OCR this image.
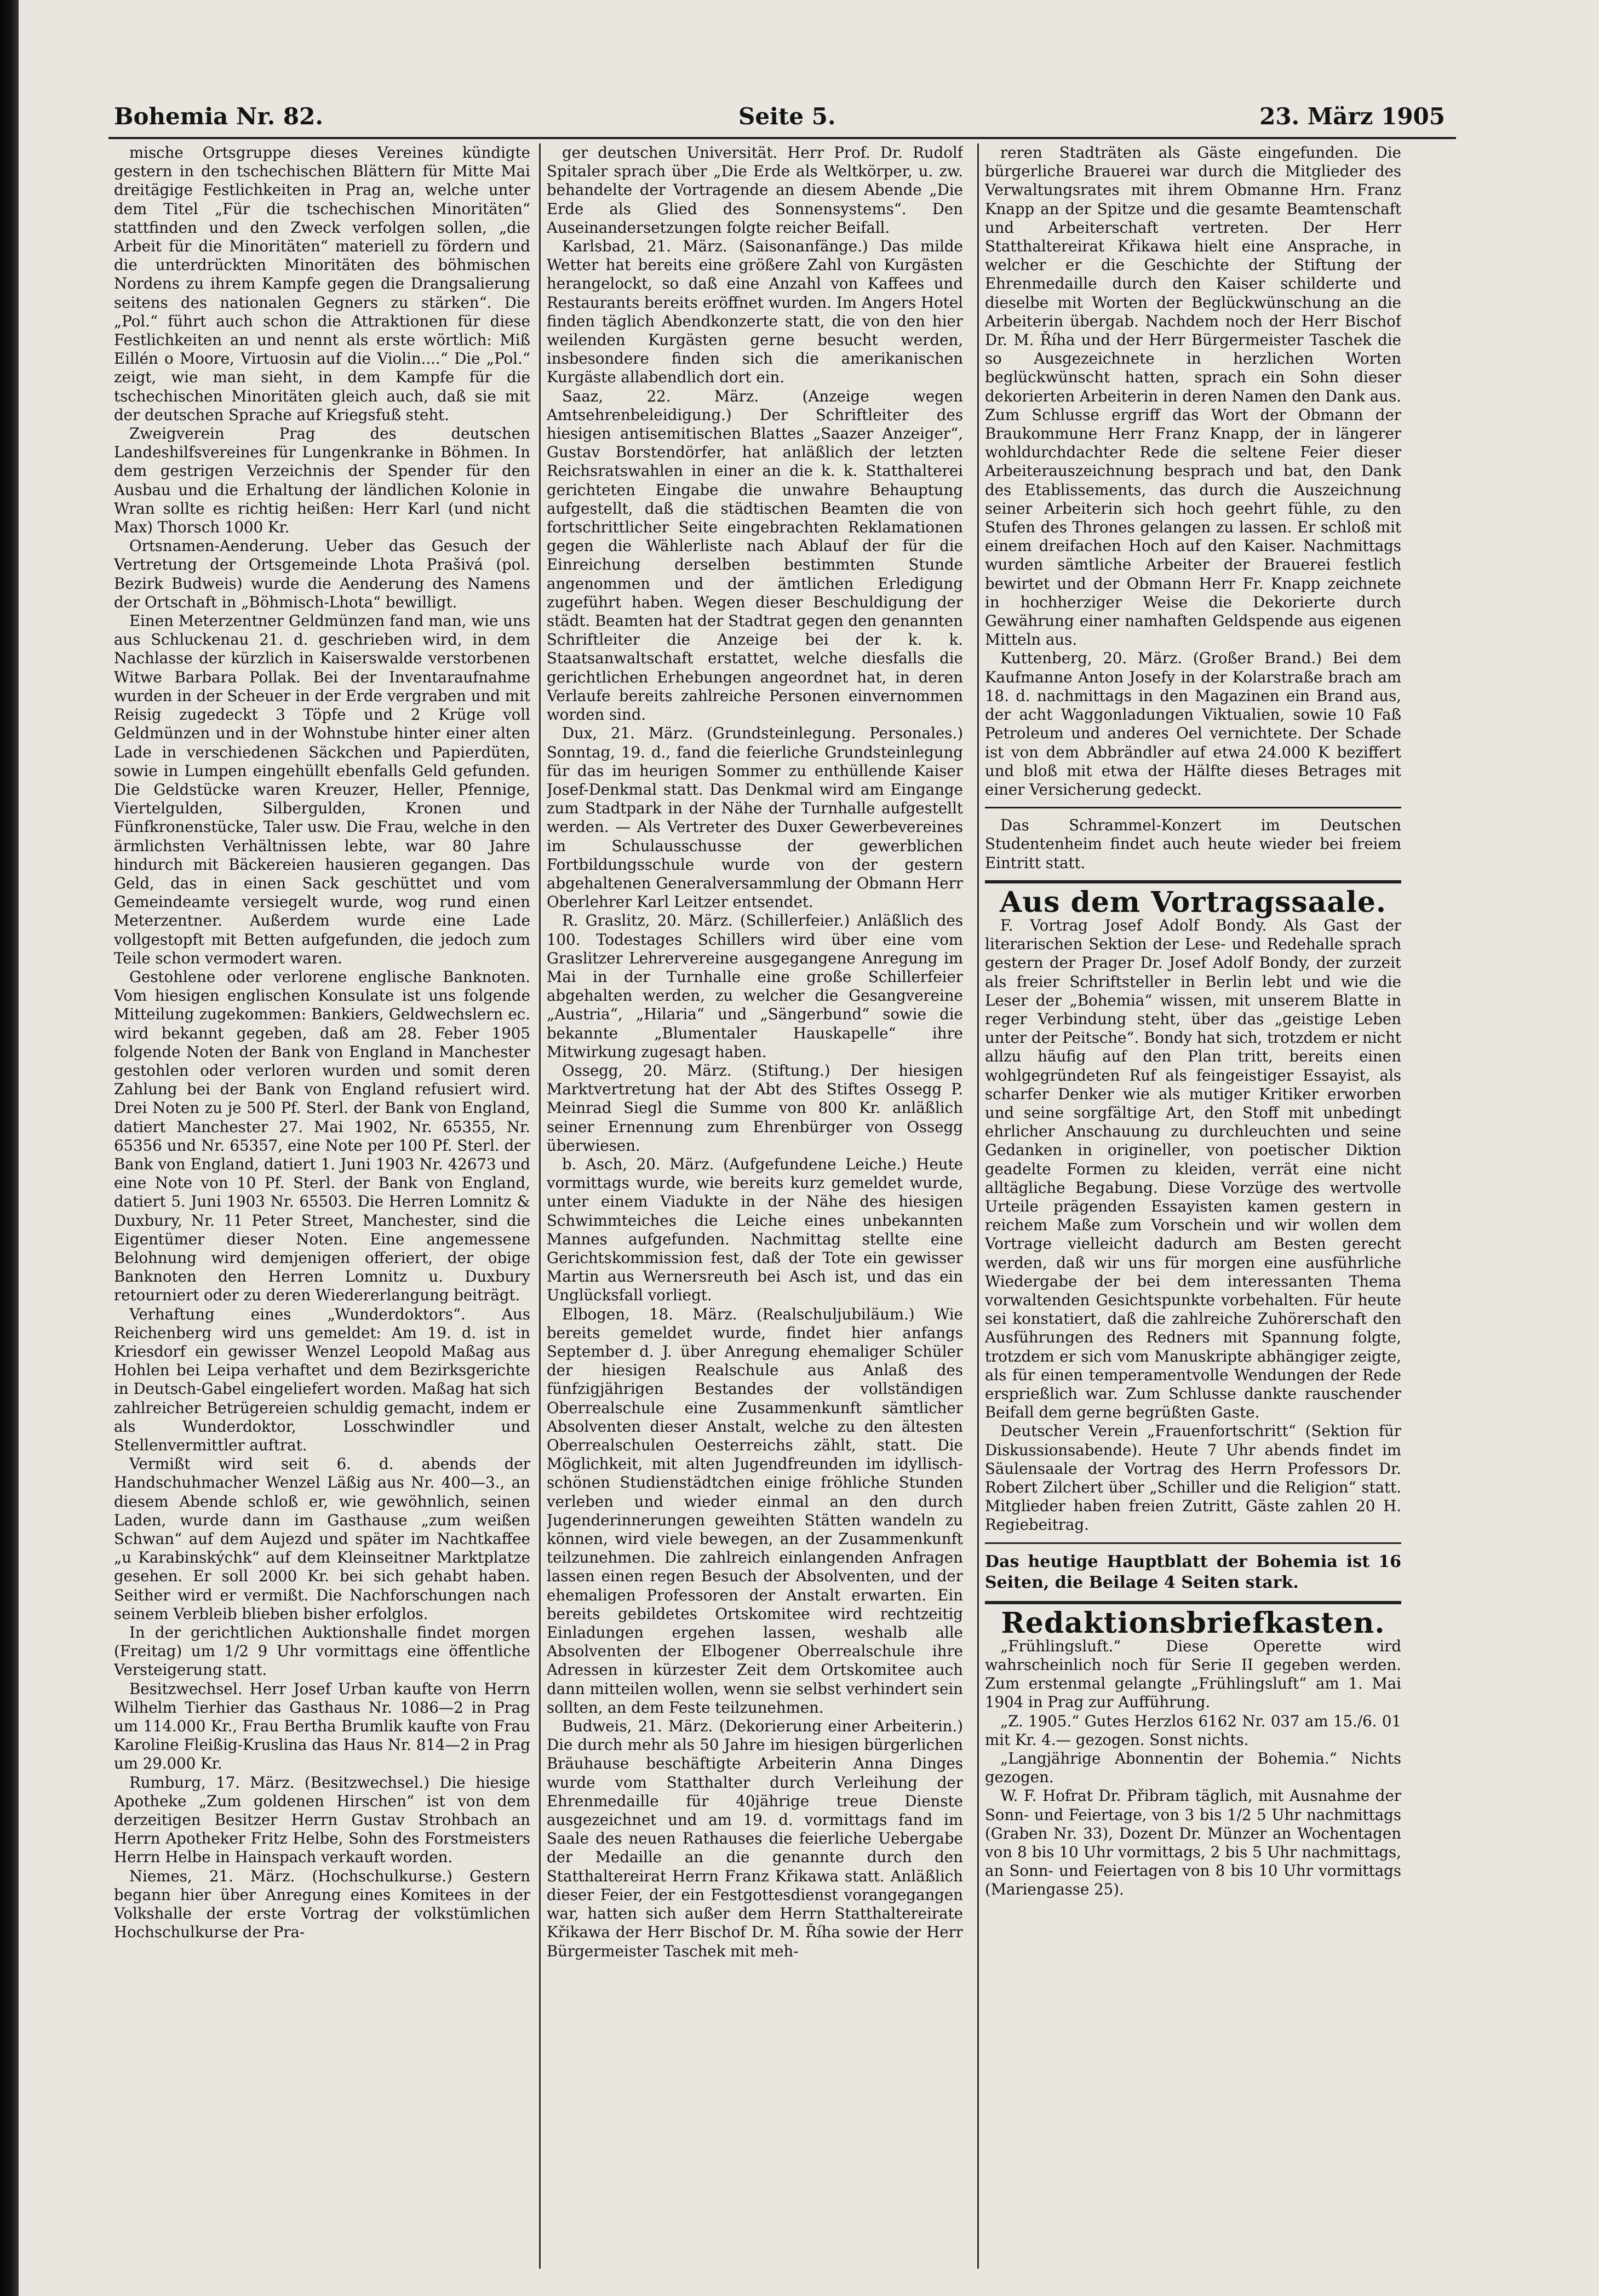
Bohemia Nr. 82.	Seite 5.	23. März 1905

mische Ortsgruppe dieses Vereines kündigte gestern in den tschechischen Blättern für Mitte Mai dreitägige Festlichkeiten in Prag an, welche unter dem Titel „Für die tschechischen Minoritäten“ stattfinden und den Zweck verfolgen sollen, „die Arbeit für die Minoritäten“ materiell zu fördern und die unterdrückten Minoritäten des böhmischen Nordens zu ihrem Kampfe gegen die Drangsalierung seitens des nationalen Gegners zu stärken“. Die „Pol.“ führt auch schon die Attraktionen für diese Festlichkeiten an und nennt als erste wörtlich: Miß Eillén o Moore, Virtuosin auf die Violin....“ Die „Pol.“ zeigt, wie man sieht, in dem Kampfe für die tschechischen Minoritäten gleich auch, daß sie mit der deutschen Sprache auf Kriegsfuß steht.

Zweigverein Prag des deutschen Landeshilfsvereines für Lungenkranke in Böhmen. In dem gestrigen Verzeichnis der Spender für den Ausbau und die Erhaltung der ländlichen Kolonie in Wran sollte es richtig heißen: Herr Karl (und nicht Max) Thorsch 1000 Kr.

Ortsnamen-Aenderung. Ueber das Gesuch der Vertretung der Ortsgemeinde Lhota Prašivá (pol. Bezirk Budweis) wurde die Aenderung des Namens der Ortschaft in „Böhmisch-Lhota“ bewilligt.

Einen Meterzentner Geldmünzen fand man, wie uns aus Schluckenau 21. d. geschrieben wird, in dem Nachlasse der kürzlich in Kaiserswalde verstorbenen Witwe Barbara Pollak. Bei der Inventaraufnahme wurden in der Scheuer in der Erde vergraben und mit Reisig zugedeckt 3 Töpfe und 2 Krüge voll Geldmünzen und in der Wohnstube hinter einer alten Lade in verschiedenen Säckchen und Papierdüten, sowie in Lumpen eingehüllt ebenfalls Geld gefunden. Die Geldstücke waren Kreuzer, Heller, Pfennige, Viertelgulden, Silbergulden, Kronen und Fünfkronenstücke, Taler usw. Die Frau, welche in den ärmlichsten Verhältnissen lebte, war 80 Jahre hindurch mit Bäckereien hausieren gegangen. Das Geld, das in einen Sack geschüttet und vom Gemeindeamte versiegelt wurde, wog rund einen Meterzentner. Außerdem wurde eine Lade vollgestopft mit Betten aufgefunden, die jedoch zum Teile schon vermodert waren.

Gestohlene oder verlorene englische Banknoten. Vom hiesigen englischen Konsulate ist uns folgende Mitteilung zugekommen: Bankiers, Geldwechslern ec. wird bekannt gegeben, daß am 28. Feber 1905 folgende Noten der Bank von England in Manchester gestohlen oder verloren wurden und somit deren Zahlung bei der Bank von England refusiert wird. Drei Noten zu je 500 Pf. Sterl. der Bank von England, datiert Manchester 27. Mai 1902, Nr. 65355, Nr. 65356 und Nr. 65357, eine Note per 100 Pf. Sterl. der Bank von England, datiert 1. Juni 1903 Nr. 42673 und eine Note von 10 Pf. Sterl. der Bank von England, datiert 5. Juni 1903 Nr. 65503. Die Herren Lomnitz & Duxbury, Nr. 11 Peter Street, Manchester, sind die Eigentümer dieser Noten. Eine angemessene Belohnung wird demjenigen offeriert, der obige Banknoten den Herren Lomnitz u. Duxbury retourniert oder zu deren Wiedererlangung beiträgt.

Verhaftung eines „Wunderdoktors“. Aus Reichenberg wird uns gemeldet: Am 19. d. ist in Kriesdorf ein gewisser Wenzel Leopold Maßag aus Hohlen bei Leipa verhaftet und dem Bezirksgerichte in Deutsch-Gabel eingeliefert worden. Maßag hat sich zahlreicher Betrügereien schuldig gemacht, indem er als Wunderdoktor, Losschwindler und Stellenvermittler auftrat.

Vermißt wird seit 6. d. abends der Handschuhmacher Wenzel Läßig aus Nr. 400—3., an diesem Abende schloß er, wie gewöhnlich, seinen Laden, wurde dann im Gasthause „zum weißen Schwan“ auf dem Aujezd und später im Nachtkaffee „u Karabinskýchk“ auf dem Kleinseitner Marktplatze gesehen. Er soll 2000 Kr. bei sich gehabt haben. Seither wird er vermißt. Die Nachforschungen nach seinem Verbleib blieben bisher erfolglos.

In der gerichtlichen Auktionshalle findet morgen (Freitag) um 1/2 9 Uhr vormittags eine öffentliche Versteigerung statt.

Besitzwechsel. Herr Josef Urban kaufte von Herrn Wilhelm Tierhier das Gasthaus Nr. 1086—2 in Prag um 114.000 Kr., Frau Bertha Brumlik kaufte von Frau Karoline Fleißig-Kruslina das Haus Nr. 814—2 in Prag um 29.000 Kr.

Rumburg, 17. März. (Besitzwechsel.) Die hiesige Apotheke „Zum goldenen Hirschen“ ist von dem derzeitigen Besitzer Herrn Gustav Strohbach an Herrn Apotheker Fritz Helbe, Sohn des Forstmeisters Herrn Helbe in Hainspach verkauft worden.

Niemes, 21. März. (Hochschulkurse.) Gestern begann hier über Anregung eines Komitees in der Volkshalle der erste Vortrag der volkstümlichen Hochschulkurse der Pra-

ger deutschen Universität. Herr Prof. Dr. Rudolf Spitaler sprach über „Die Erde als Weltkörper, u. zw. behandelte der Vortragende an diesem Abende „Die Erde als Glied des Sonnensystems“. Den Auseinandersetzungen folgte reicher Beifall.

Karlsbad, 21. März. (Saisonanfänge.) Das milde Wetter hat bereits eine größere Zahl von Kurgästen herangelockt, so daß eine Anzahl von Kaffees und Restaurants bereits eröffnet wurden. Im Angers Hotel finden täglich Abendkonzerte statt, die von den hier weilenden Kurgästen gerne besucht werden, insbesondere finden sich die amerikanischen Kurgäste allabendlich dort ein.

Saaz, 22. März. (Anzeige wegen Amtsehrenbeleidigung.) Der Schriftleiter des hiesigen antisemitischen Blattes „Saazer Anzeiger“, Gustav Borstendörfer, hat anläßlich der letzten Reichsratswahlen in einer an die k. k. Statthalterei gerichteten Eingabe die unwahre Behauptung aufgestellt, daß die städtischen Beamten die von fortschrittlicher Seite eingebrachten Reklamationen gegen die Wählerliste nach Ablauf der für die Einreichung derselben bestimmten Stunde angenommen und der ämtlichen Erledigung zugeführt haben. Wegen dieser Beschuldigung der städt. Beamten hat der Stadtrat gegen den genannten Schriftleiter die Anzeige bei der k. k. Staatsanwaltschaft erstattet, welche diesfalls die gerichtlichen Erhebungen angeordnet hat, in deren Verlaufe bereits zahlreiche Personen einvernommen worden sind.

Dux, 21. März. (Grundsteinlegung. Personales.) Sonntag, 19. d., fand die feierliche Grundsteinlegung für das im heurigen Sommer zu enthüllende Kaiser Josef-Denkmal statt. Das Denkmal wird am Eingange zum Stadtpark in der Nähe der Turnhalle aufgestellt werden. — Als Vertreter des Duxer Gewerbevereines im Schulausschusse der gewerblichen Fortbildungsschule wurde von der gestern abgehaltenen Generalversammlung der Obmann Herr Oberlehrer Karl Leitzer entsendet.

R. Graslitz, 20. März. (Schillerfeier.) Anläßlich des 100. Todestages Schillers wird über eine vom Graslitzer Lehrervereine ausgegangene Anregung im Mai in der Turnhalle eine große Schillerfeier abgehalten werden, zu welcher die Gesangvereine „Austria“, „Hilaria“ und „Sängerbund“ sowie die bekannte „Blumentaler Hauskapelle“ ihre Mitwirkung zugesagt haben.

Ossegg, 20. März. (Stiftung.) Der hiesigen Marktvertretung hat der Abt des Stiftes Ossegg P. Meinrad Siegl die Summe von 800 Kr. anläßlich seiner Ernennung zum Ehrenbürger von Ossegg überwiesen.

b. Asch, 20. März. (Aufgefundene Leiche.) Heute vormittags wurde, wie bereits kurz gemeldet wurde, unter einem Viadukte in der Nähe des hiesigen Schwimmteiches die Leiche eines unbekannten Mannes aufgefunden. Nachmittag stellte eine Gerichtskommission fest, daß der Tote ein gewisser Martin aus Wernersreuth bei Asch ist, und das ein Unglücksfall vorliegt.

Elbogen, 18. März. (Realschuljubiläum.) Wie bereits gemeldet wurde, findet hier anfangs September d. J. über Anregung ehemaliger Schüler der hiesigen Realschule aus Anlaß des fünfzigjährigen Bestandes der vollständigen Oberrealschule eine Zusammenkunft sämtlicher Absolventen dieser Anstalt, welche zu den ältesten Oberrealschulen Oesterreichs zählt, statt. Die Möglichkeit, mit alten Jugendfreunden im idyllisch-schönen Studienstädtchen einige fröhliche Stunden verleben und wieder einmal an den durch Jugenderinnerungen geweihten Stätten wandeln zu können, wird viele bewegen, an der Zusammenkunft teilzunehmen. Die zahlreich einlangenden Anfragen lassen einen regen Besuch der Absolventen, und der ehemaligen Professoren der Anstalt erwarten. Ein bereits gebildetes Ortskomitee wird rechtzeitig Einladungen ergehen lassen, weshalb alle Absolventen der Elbogener Oberrealschule ihre Adressen in kürzester Zeit dem Ortskomitee auch dann mitteilen wollen, wenn sie selbst verhindert sein sollten, an dem Feste teilzunehmen.

Budweis, 21. März. (Dekorierung einer Arbeiterin.) Die durch mehr als 50 Jahre im hiesigen bürgerlichen Bräuhause beschäftigte Arbeiterin Anna Dinges wurde vom Statthalter durch Verleihung der Ehrenmedaille für 40jährige treue Dienste ausgezeichnet und am 19. d. vormittags fand im Saale des neuen Rathauses die feierliche Uebergabe der Medaille an die genannte durch den Statthaltereirat Herrn Franz Křikawa statt. Anläßlich dieser Feier, der ein Festgottesdienst vorangegangen war, hatten sich außer dem Herrn Statthaltereirate Křikawa der Herr Bischof Dr. M. Říha sowie der Herr Bürgermeister Taschek mit meh-

reren Stadträten als Gäste eingefunden. Die bürgerliche Brauerei war durch die Mitglieder des Verwaltungsrates mit ihrem Obmanne Hrn. Franz Knapp an der Spitze und die gesamte Beamtenschaft und Arbeiterschaft vertreten. Der Herr Statthaltereirat Křikawa hielt eine Ansprache, in welcher er die Geschichte der Stiftung der Ehrenmedaille durch den Kaiser schilderte und dieselbe mit Worten der Beglückwünschung an die Arbeiterin übergab. Nachdem noch der Herr Bischof Dr. M. Říha und der Herr Bürgermeister Taschek die so Ausgezeichnete in herzlichen Worten beglückwünscht hatten, sprach ein Sohn dieser dekorierten Arbeiterin in deren Namen den Dank aus. Zum Schlusse ergriff das Wort der Obmann der Braukommune Herr Franz Knapp, der in längerer wohldurchdachter Rede die seltene Feier dieser Arbeiterauszeichnung besprach und bat, den Dank des Etablissements, das durch die Auszeichnung seiner Arbeiterin sich hoch geehrt fühle, zu den Stufen des Thrones gelangen zu lassen. Er schloß mit einem dreifachen Hoch auf den Kaiser. Nachmittags wurden sämtliche Arbeiter der Brauerei festlich bewirtet und der Obmann Herr Fr. Knapp zeichnete in hochherziger Weise die Dekorierte durch Gewährung einer namhaften Geldspende aus eigenen Mitteln aus.

Kuttenberg, 20. März. (Großer Brand.) Bei dem Kaufmanne Anton Josefy in der Kolarstraße brach am 18. d. nachmittags in den Magazinen ein Brand aus, der acht Waggonladungen Viktualien, sowie 10 Faß Petroleum und anderes Oel vernichtete. Der Schade ist von dem Abbrändler auf etwa 24.000 K beziffert und bloß mit etwa der Hälfte dieses Betrages mit einer Versicherung gedeckt.

Das Schrammel-Konzert im Deutschen Studentenheim findet auch heute wieder bei freiem Eintritt statt.

Aus dem Vortragssaale.

F. Vortrag Josef Adolf Bondy. Als Gast der literarischen Sektion der Lese- und Redehalle sprach gestern der Prager Dr. Josef Adolf Bondy, der zurzeit als freier Schriftsteller in Berlin lebt und wie die Leser der „Bohemia“ wissen, mit unserem Blatte in reger Verbindung steht, über das „geistige Leben unter der Peitsche“. Bondy hat sich, trotzdem er nicht allzu häufig auf den Plan tritt, bereits einen wohlgegründeten Ruf als feingeistiger Essayist, als scharfer Denker wie als mutiger Kritiker erworben und seine sorgfältige Art, den Stoff mit unbedingt ehrlicher Anschauung zu durchleuchten und seine Gedanken in origineller, von poetischer Diktion geadelte Formen zu kleiden, verrät eine nicht alltägliche Begabung. Diese Vorzüge des wertvolle Urteile prägenden Essayisten kamen gestern in reichem Maße zum Vorschein und wir wollen dem Vortrage vielleicht dadurch am Besten gerecht werden, daß wir uns für morgen eine ausführliche Wiedergabe der bei dem interessanten Thema vorwaltenden Gesichtspunkte vorbehalten. Für heute sei konstatiert, daß die zahlreiche Zuhörerschaft den Ausführungen des Redners mit Spannung folgte, trotzdem er sich vom Manuskripte abhängiger zeigte, als für einen temperamentvolle Wendungen der Rede ersprießlich war. Zum Schlusse dankte rauschender Beifall dem gerne begrüßten Gaste.

Deutscher Verein „Frauenfortschritt“ (Sektion für Diskussionsabende). Heute 7 Uhr abends findet im Säulensaale der Vortrag des Herrn Professors Dr. Robert Zilchert über „Schiller und die Religion“ statt. Mitglieder haben freien Zutritt, Gäste zahlen 20 H. Regiebeitrag.

Das heutige Hauptblatt der Bohemia ist 16 Seiten, die Beilage 4 Seiten stark.
Redaktionsbriefkasten.

„Frühlingsluft.“ Diese Operette wird wahrscheinlich noch für Serie II gegeben werden. Zum erstenmal gelangte „Frühlingsluft“ am 1. Mai 1904 in Prag zur Aufführung.

„Z. 1905.“ Gutes Herzlos 6162 Nr. 037 am 15./6. 01 mit Kr. 4.— gezogen. Sonst nichts.

„Langjährige Abonnentin der Bohemia.“ Nichts gezogen.

W. F. Hofrat Dr. Přibram täglich, mit Ausnahme der Sonn- und Feiertage, von 3 bis 1/2 5 Uhr nachmittags (Graben Nr. 33), Dozent Dr. Münzer an Wochentagen von 8 bis 10 Uhr vormittags, 2 bis 5 Uhr nachmittags, an Sonn- und Feiertagen von 8 bis 10 Uhr vormittags (Mariengasse 25).
